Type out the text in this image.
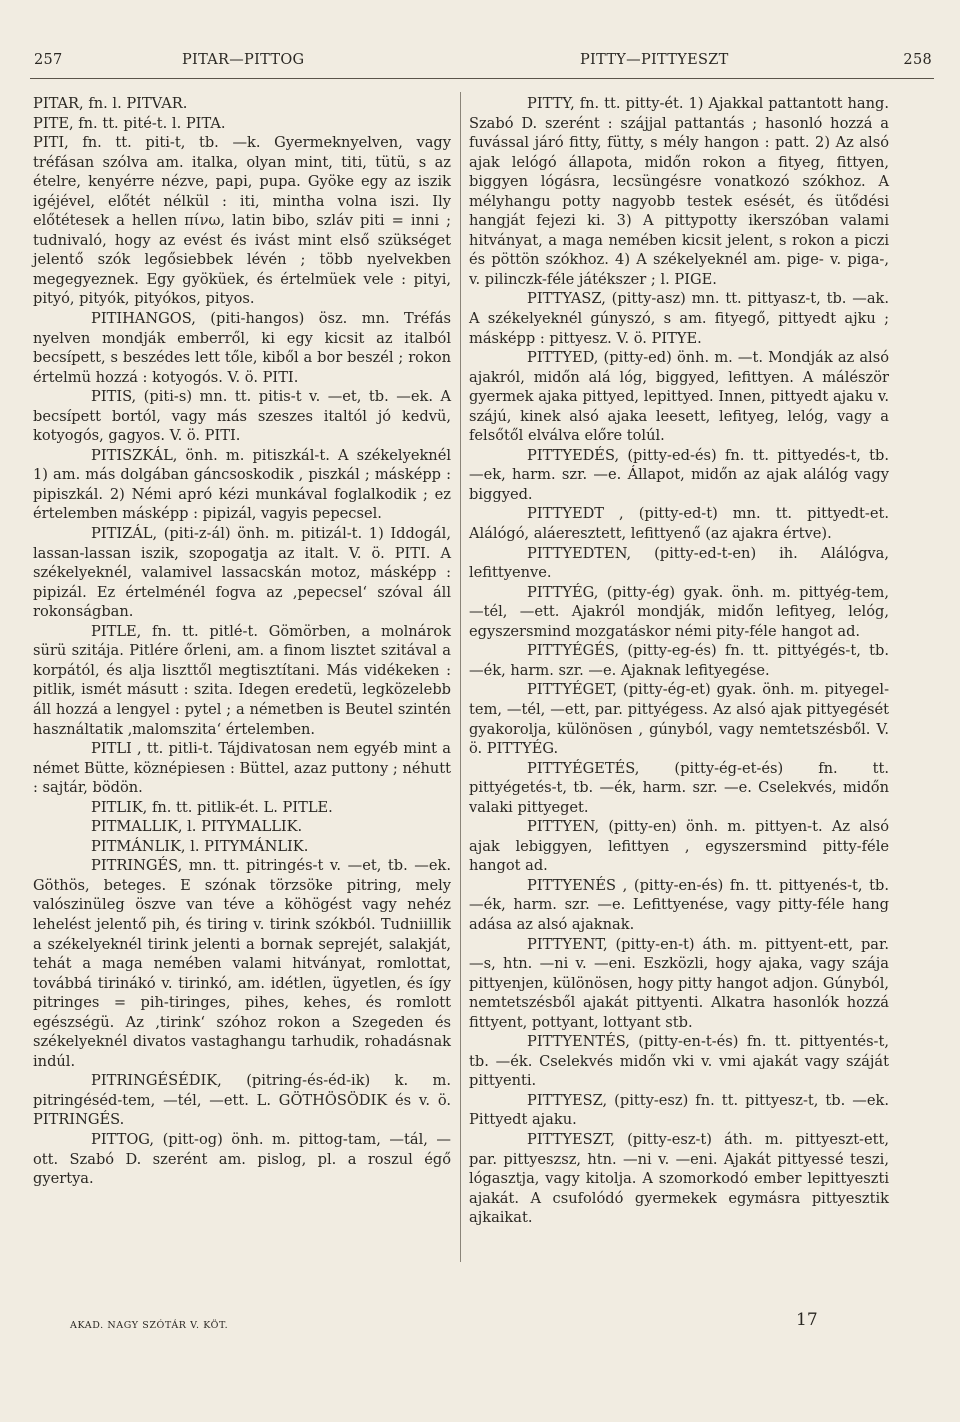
257	PITAR—PITTOG	PITTY—PITTYESZT	258

PITAR, fn. l. PITVAR.

PITE, fn. tt. pité-t. l. PITA.

PITI, fn. tt. piti-t, tb. —k. Gyermeknyelven, vagy tréfásan szólva am. italka, olyan mint, titi, tütü, s az ételre, kenyérre nézve, papi, pupa. Gyöke egy az iszik igéjével, előtét nélkül : iti, mintha volna iszi. Ily előtétesek a hellen πίνω, latin bibo, szláv piti = inni ; tudnivaló, hogy az evést és ivást mint első szükséget jelentő szók legősiebbek lévén ; több nyelvekben megegyeznek. Egy gyöküek, és értelmüek vele : pityi, pityó, pityók, pityókos, pityos.

PITIHANGOS, (piti-hangos) ösz. mn. Tréfás nyelven mondják emberről, ki egy kicsit az italból becsípett, s beszédes lett tőle, kiből a bor beszél ; rokon értelmü hozzá : kotyogós. V. ö. PITI.

PITIS, (piti-s) mn. tt. pitis-t v. —et, tb. —ek. A becsípett bortól, vagy más szeszes italtól jó kedvü, kotyogós, gagyos. V. ö. PITI.

PITISZKÁL, önh. m. pitiszkál-t. A székelyeknél 1) am. más dolgában gáncsoskodik , piszkál ; másképp : pipiszkál. 2) Némi apró kézi munkával foglalkodik ; ez értelemben másképp : pipizál, vagyis pepecsel.

PITIZÁL, (piti-z-ál) önh. m. pitizál-t. 1) Iddogál, lassan-lassan iszik, szopogatja az italt. V. ö. PITI. A székelyeknél, valamivel lassacskán motoz, másképp : pipizál. Ez értelménél fogva az ‚pepecsel‘ szóval áll rokonságban.

PITLE, fn. tt. pitlé-t. Gömörben, a molnárok sürü szitája. Pitlére őrleni, am. a finom lisztet szitával a korpától, és alja liszttől megtisztítani. Más vidékeken : pitlik, ismét másutt : szita. Idegen eredetü, legközelebb áll hozzá a lengyel : pytel ; a németben is Beutel szintén használtatik ‚malomszita‘ értelemben.

PITLI , tt. pitli-t. Tájdivatosan nem egyéb mint a német Bütte, köznépiesen : Büttel, azaz puttony ; néhutt : sajtár, bödön.

PITLIK, fn. tt. pitlik-ét. L. PITLE.

PITMALLIK, l. PITYMALLIK.

PITMÁNLIK, l. PITYMÁNLIK.

PITRINGÉS, mn. tt. pitringés-t v. —et, tb. —ek. Göthös, beteges. E szónak törzsöke pitring, mely valószinüleg öszve van téve a köhögést vagy nehéz lehelést jelentő pih, és tiring v. tirink szókból. Tudniillik a székelyeknél tirink jelenti a bornak seprejét, salakját, tehát a maga nemében valami hitványat, romlottat, továbbá tirinákó v. tirinkó, am. idétlen, ügyetlen, és így pitringes = pih-tiringes, pihes, kehes, és romlott egészségü. Az ‚tirink‘ szóhoz rokon a Szegeden és székelyeknél divatos vastaghangu tarhudik, rohadásnak indúl.

PITRINGÉSÉDIK, (pitring-és-éd-ik) k. m. pitringéséd-tem, —tél, —ett. L. GÖTHÖSÖDIK és v. ö. PITRINGÉS.

PITTOG, (pitt-og) önh. m. pittog-tam, —tál, —ott. Szabó D. szerént am. pislog, pl. a roszul égő gyertya.

PITTY, fn. tt. pitty-ét. 1) Ajakkal pattantott hang. Szabó D. szerént : szájjal pattantás ; hasonló hozzá a fuvással járó fitty, fütty, s mély hangon : patt. 2) Az alsó ajak lelógó állapota, midőn rokon a fityeg, fittyen, biggyen lógásra, lecsüngésre vonatkozó szókhoz. A mélyhangu potty nagyobb testek esését, és ütődési hangját fejezi ki. 3) A pittypotty ikerszóban valami hitványat, a maga nemében kicsit jelent, s rokon a piczi és pöttön szókhoz. 4) A székelyeknél am. pige- v. piga-, v. pilinczk-féle játékszer ; l. PIGE.

PITTYASZ, (pitty-asz) mn. tt. pittyasz-t, tb. —ak. A székelyeknél gúnyszó, s am. fityegő, pittyedt ajku ; másképp : pittyesz. V. ö. PITYE.

PITTYED, (pitty-ed) önh. m. —t. Mondják az alsó ajakról, midőn alá lóg, biggyed, lefittyen. A máléször gyermek ajaka pittyed, lepittyed. Innen, pittyedt ajaku v. szájú, kinek alsó ajaka leesett, lefityeg, lelóg, vagy a felsőtől elválva előre tolúl.

PITTYEDÉS, (pitty-ed-és) fn. tt. pittyedés-t, tb. —ek, harm. szr. —e. Állapot, midőn az ajak alálóg vagy biggyed.

PITTYEDT , (pitty-ed-t) mn. tt. pittyedt-et. Alálógó, aláeresztett, lefittyenő (az ajakra értve).

PITTYEDTEN, (pitty-ed-t-en) ih. Alálógva, lefittyenve.

PITTYÉG, (pitty-ég) gyak. önh. m. pittyég-tem, —tél, —ett. Ajakról mondják, midőn lefityeg, lelóg, egyszersmind mozgatáskor némi pity-féle hangot ad.

PITTYÉGÉS, (pitty-eg-és) fn. tt. pittyégés-t, tb. —ék, harm. szr. —e. Ajaknak lefityegése.

PITTYÉGET, (pitty-ég-et) gyak. önh. m. pityegel-tem, —tél, —ett, par. pittyégess. Az alsó ajak pittyegését gyakorolja, különösen , gúnyból, vagy nemtetszésből. V. ö. PITTYÉG.

PITTYÉGETÉS, (pitty-ég-et-és) fn. tt. pittyégetés-t, tb. —ék, harm. szr. —e. Cselekvés, midőn valaki pittyeget.

PITTYEN, (pitty-en) önh. m. pittyen-t. Az alsó ajak lebiggyen, lefittyen , egyszersmind pitty-féle hangot ad.

PITTYENÉS , (pitty-en-és) fn. tt. pittyenés-t, tb. —ék, harm. szr. —e. Lefittyenése, vagy pitty-féle hang adása az alsó ajaknak.

PITTYENT, (pitty-en-t) áth. m. pittyent-ett, par. —s, htn. —ni v. —eni. Eszközli, hogy ajaka, vagy szája pittyenjen, különösen, hogy pitty hangot adjon. Gúnyból, nemtetszésből ajakát pittyenti. Alkatra hasonlók hozzá fittyent, pottyant, lottyant stb.

PITTYENTÉS, (pitty-en-t-és) fn. tt. pittyentés-t, tb. —ék. Cselekvés midőn vki v. vmi ajakát vagy száját pittyenti.

PITTYESZ, (pitty-esz) fn. tt. pittyesz-t, tb. —ek. Pittyedt ajaku.

PITTYESZT, (pitty-esz-t) áth. m. pittyeszt-ett, par. pittyeszsz, htn. —ni v. —eni. Ajakát pittyessé teszi, lógasztja, vagy kitolja. A szomorkodó ember lepittyeszti ajakát. A csufolódó gyermekek egymásra pittyesztik ajkaikat.

AKAD. NAGY SZÓTÁR V. KÖT.	17
